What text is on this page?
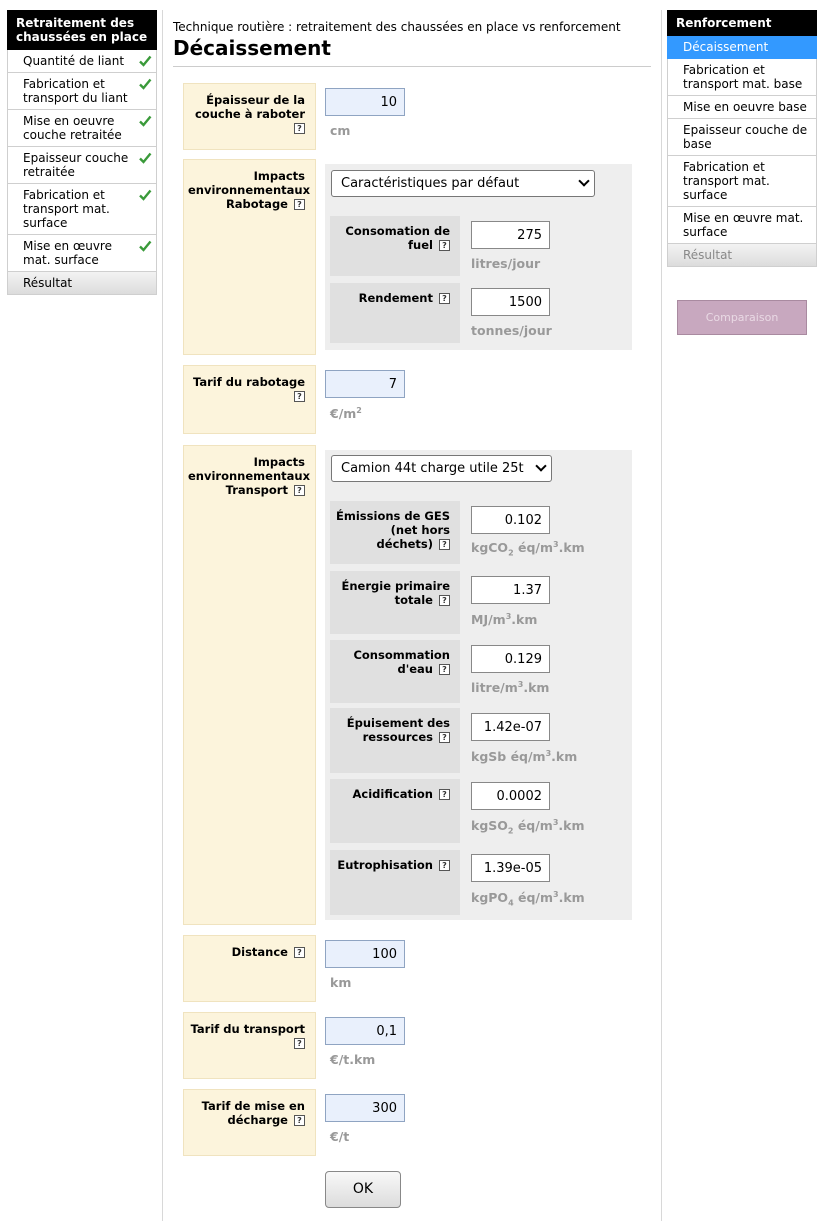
Retraitement des chaussées en place
Quantité de liant
Fabrication et transport du liant
Mise en oeuvre couche retraitée
Epaisseur couche retraitée
Fabrication et transport mat. surface
Mise en œuvre mat. surface
Résultat
Renforcement
Décaissement
Fabrication et transport mat. base
Mise en oeuvre base
Epaisseur couche de base
Fabrication et transport mat. surface
Mise en œuvre mat. surface
Résultat
Comparaison
Technique routière : retraitement des chaussées en place vs renforcement
Décaissement
Épaisseur de la couche à raboter ?
10	cm
Impacts environnementaux Rabotage ?
Caractéristiques par défaut
Consomation de fuel ?
275
litres/jour
Rendement ?
1500
tonnes/jour
Tarif du rabotage ?
7
$€/m^2$
Impacts environnementaux Transport ?
Camion 44t charge utile 25t
Émissions de GES (net hors déchets) ?
0.102	kgCO$_2$ $éq/m^3.km$
Énergie primaire totale ?
1.37
$MJ/m^3.km$
Consommation d'eau ?
0.129
litre/$m^3.km$
Épuisement des ressources ?
1.42e-07
kgSb $éq/m^3.km$
Acidification ?
0.0002
kgSO$_2$ $éq/m^3.km$
Eutrophisation ?
1.39e-05
kgPO$_4$ $éq/m^3.km$
Distance ?
100
km
Tarif du transport ?
0,1
€/t.km
Tarif de mise en décharge ?
300
€/t
OK
